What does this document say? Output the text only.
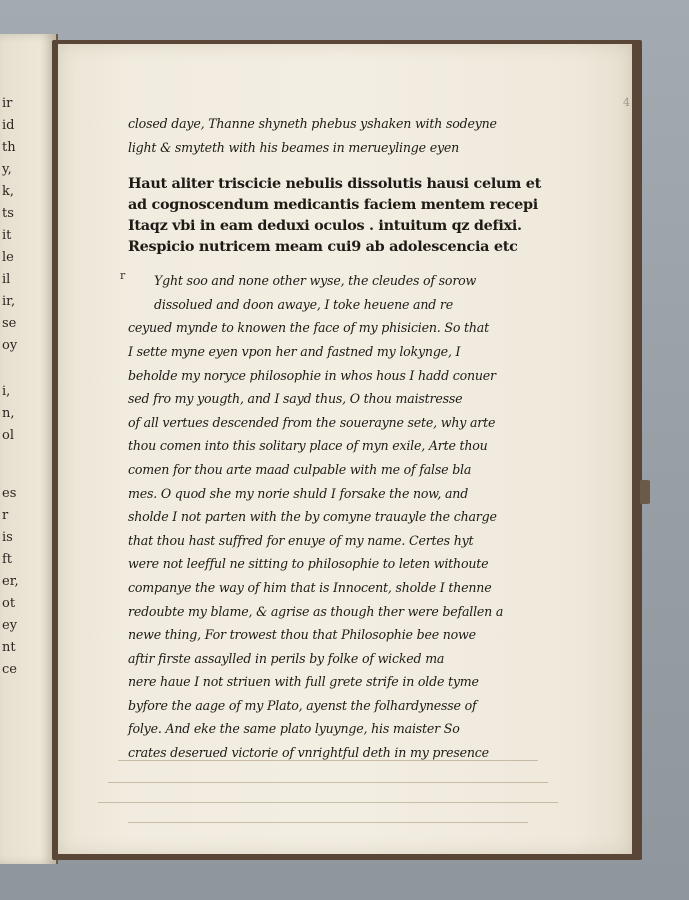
ir
id
th
y,
k,
ts
it
le
il
ir,
se
oy
i,
n,
ol
es
r
is
ft
er,
ot
ey
nt
ce
4
closed daye, Thanne shyneth phebus yshaken with sodeyne
light & smyteth with his beames in merueylinge eyen
Haut aliter triscicie nebulis dissolutis hausi celum et
ad cognoscendum medicantis faciem mentem recepi
Itaqz vbi in eam deduxi oculos . intuitum qz defixi.
Respicio nutricem meam cui9 ab adolescencia etc
r	Yght soo and none other wyse, the cleudes of sorow
dissolued and doon awaye, I toke heuene and re
ceyued mynde to knowen the face of my phisicien. So that
I sette myne eyen vpon her and fastned my lokynge, I
beholde my noryce philosophie in whos hous I hadd conuer
sed fro my yougth, and I sayd thus, O thou maistresse
of all vertues descended from the souerayne sete, why arte
thou comen into this solitary place of myn exile, Arte thou
comen for thou arte maad culpable with me of false bla
mes. O quod she my norie shuld I forsake the now, and
sholde I not parten with the by comyne trauayle the charge
that thou hast suffred for enuye of my name. Certes hyt
were not leefful ne sitting to philosophie to leten withoute
companye the way of him that is Innocent, sholde I thenne
redoubte my blame, & agrise as though ther were befallen a
newe thing, For trowest thou that Philosophie bee nowe
aftir firste assaylled in perils by folke of wicked ma
nere haue I not striuen with full grete strife in olde tyme
byfore the aage of my Plato, ayenst the folhardynesse of
folye. And eke the same plato lyuynge, his maister So
crates deserued victorie of vnrightful deth in my presence
